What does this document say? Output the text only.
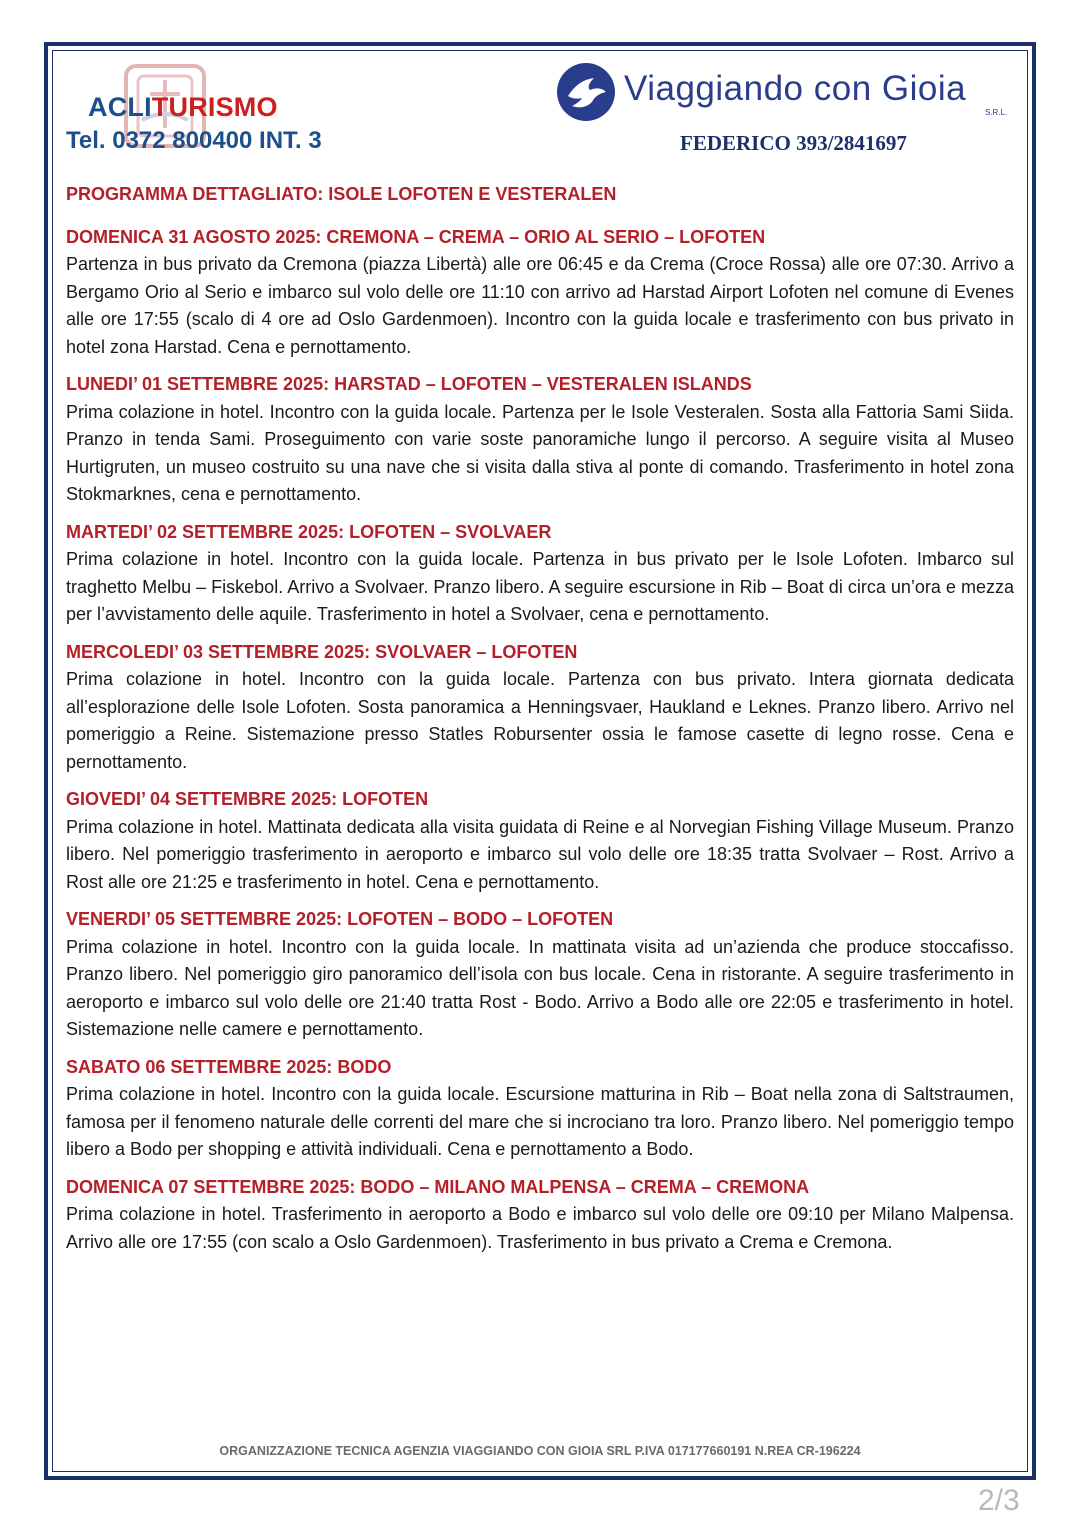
ACLITURISMO
Tel. 0372 800400 INT. 3
Viaggiando con Gioia
S.R.L.
FEDERICO 393/2841697
PROGRAMMA DETTAGLIATO: ISOLE LOFOTEN E VESTERALEN
DOMENICA 31 AGOSTO 2025: CREMONA – CREMA – ORIO AL SERIO – LOFOTEN

Partenza in bus privato da Cremona (piazza Libertà) alle ore 06:45 e da Crema (Croce Rossa) alle ore 07:30. Arrivo a Bergamo Orio al Serio e imbarco sul volo delle ore 11:10 con arrivo ad Harstad Airport Lofoten nel comune di Evenes alle ore 17:55 (scalo di 4 ore ad Oslo Gardenmoen). Incontro con la guida locale e trasferimento con bus privato in hotel zona Harstad. Cena e pernottamento.

LUNEDI’ 01 SETTEMBRE 2025: HARSTAD – LOFOTEN – VESTERALEN ISLANDS

Prima colazione in hotel. Incontro con la guida locale. Partenza per le Isole Vesteralen. Sosta alla Fattoria Sami Siida. Pranzo in tenda Sami. Proseguimento con varie soste panoramiche lungo il percorso. A seguire visita al Museo Hurtigruten, un museo costruito su una nave che si visita dalla stiva al ponte di comando. Trasferimento in hotel zona Stokmarknes, cena e pernottamento.

MARTEDI’ 02 SETTEMBRE 2025: LOFOTEN – SVOLVAER

Prima colazione in hotel. Incontro con la guida locale. Partenza in bus privato per le Isole Lofoten. Imbarco sul traghetto Melbu – Fiskebol. Arrivo a Svolvaer. Pranzo libero. A seguire escursione in Rib – Boat di circa un’ora e mezza per l’avvistamento delle aquile. Trasferimento in hotel a Svolvaer, cena e pernottamento.

MERCOLEDI’ 03 SETTEMBRE 2025: SVOLVAER – LOFOTEN

Prima colazione in hotel. Incontro con la guida locale. Partenza con bus privato. Intera giornata dedicata all’esplorazione delle Isole Lofoten. Sosta panoramica a Henningsvaer, Haukland e Leknes. Pranzo libero. Arrivo nel pomeriggio a Reine. Sistemazione presso Statles Robursenter ossia le famose casette di legno rosse. Cena e pernottamento.

GIOVEDI’ 04 SETTEMBRE 2025: LOFOTEN

Prima colazione in hotel. Mattinata dedicata alla visita guidata di Reine e al Norvegian Fishing Village Museum. Pranzo libero. Nel pomeriggio trasferimento in aeroporto e imbarco sul volo delle ore 18:35 tratta Svolvaer – Rost. Arrivo a Rost alle ore 21:25 e trasferimento in hotel. Cena e pernottamento.

VENERDI’ 05 SETTEMBRE 2025: LOFOTEN – BODO – LOFOTEN

Prima colazione in hotel. Incontro con la guida locale. In mattinata visita ad un’azienda che produce stoccafisso. Pranzo libero. Nel pomeriggio giro panoramico dell’isola con bus locale. Cena in ristorante. A seguire trasferimento in aeroporto e imbarco sul volo delle ore 21:40 tratta Rost - Bodo. Arrivo a Bodo alle ore 22:05 e trasferimento in hotel. Sistemazione nelle camere e pernottamento.

SABATO 06 SETTEMBRE 2025: BODO

Prima colazione in hotel. Incontro con la guida locale. Escursione matturina in Rib – Boat nella zona di Saltstraumen, famosa per il fenomeno naturale delle correnti del mare che si incrociano tra loro. Pranzo libero. Nel pomeriggio tempo libero a Bodo per shopping e attività individuali. Cena e pernottamento a Bodo.

DOMENICA 07 SETTEMBRE 2025: BODO – MILANO MALPENSA – CREMA – CREMONA

Prima colazione in hotel. Trasferimento in aeroporto a Bodo e imbarco sul volo delle ore 09:10 per Milano Malpensa. Arrivo alle ore 17:55 (con scalo a Oslo Gardenmoen). Trasferimento in bus privato a Crema e Cremona.

ORGANIZZAZIONE TECNICA AGENZIA VIAGGIANDO CON GIOIA SRL P.IVA 017177660191 N.REA CR-196224
2/3
